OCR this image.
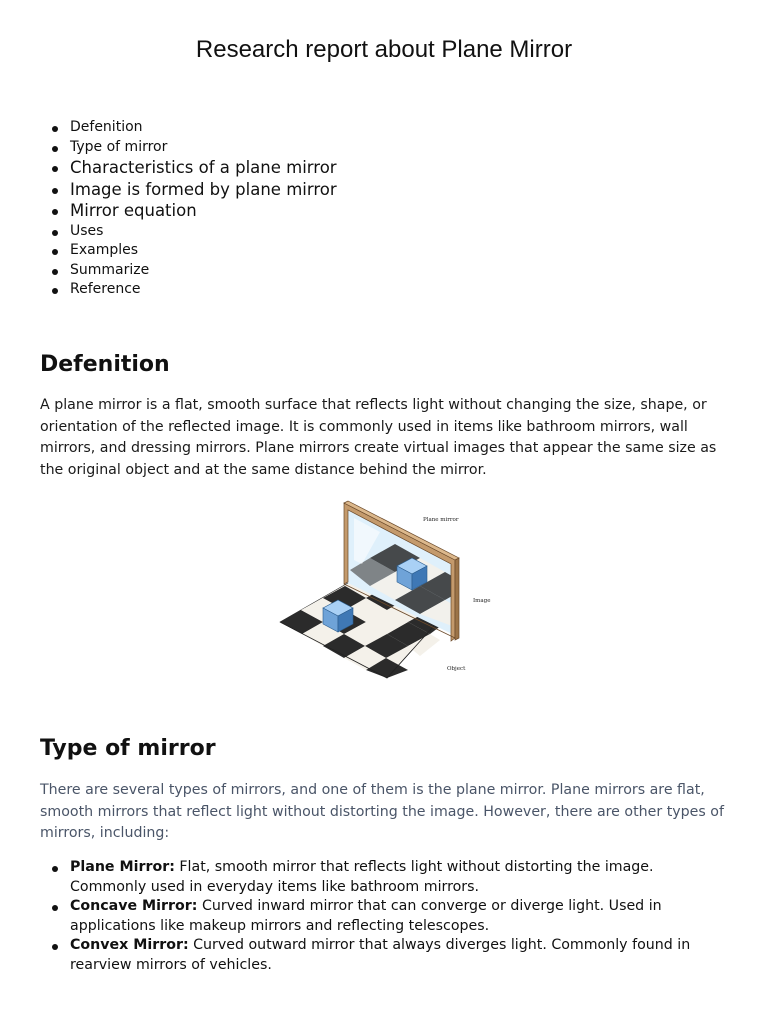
Research report about Plane Mirror
Defenition
Type of mirror
Characteristics of a plane mirror
Image is formed by plane mirror
Mirror equation
Uses
Examples
Summarize
Reference
Defenition

A plane mirror is a flat, smooth surface that reflects light without changing the size, shape, or orientation of the reflected image. It is commonly used in items like bathroom mirrors, wall mirrors, and dressing mirrors. Plane mirrors create virtual images that appear the same size as the original object and at the same distance behind the mirror.

Plane mirror
Image
Object
Type of mirror

There are several types of mirrors, and one of them is the plane mirror. Plane mirrors are flat, smooth mirrors that reflect light without distorting the image. However, there are other types of mirrors, including:

Plane Mirror: Flat, smooth mirror that reflects light without distorting the image. Commonly used in everyday items like bathroom mirrors.
Concave Mirror: Curved inward mirror that can converge or diverge light. Used in applications like makeup mirrors and reflecting telescopes.
Convex Mirror: Curved outward mirror that always diverges light. Commonly found in rearview mirrors of vehicles.
